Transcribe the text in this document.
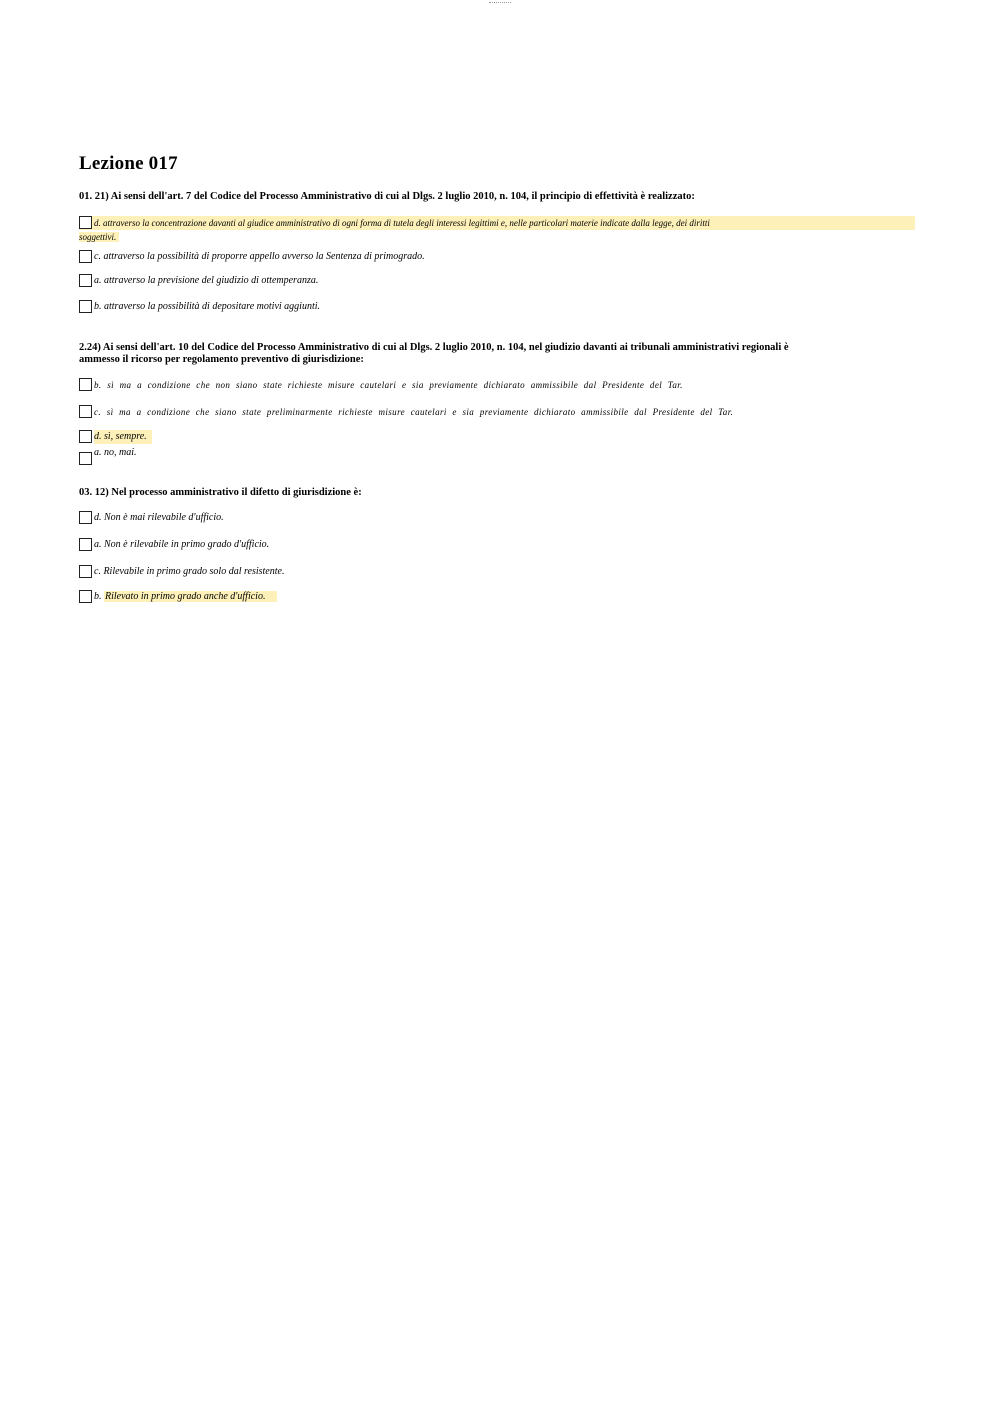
Lezione 017
01. 21) Ai sensi dell'art. 7 del Codice del Processo Amministrativo di cui al Dlgs. 2 luglio 2010, n. 104, il principio di effettività è realizzato:
d. attraverso la concentrazione davanti al giudice amministrativo di ogni forma di tutela degli interessi legittimi e, nelle particolari materie indicate dalla legge, dei diritti
soggettivi.
c. attraverso la possibilità di proporre appello avverso la Sentenza di primogrado.
a. attraverso la previsione del giudizio di ottemperanza.
b. attraverso la possibilità di depositare motivi aggiunti.
2.24) Ai sensi dell'art. 10 del Codice del Processo Amministrativo di cui al Dlgs. 2 luglio 2010, n. 104, nel giudizio davanti ai tribunali amministrativi regionali è
ammesso il ricorso per regolamento preventivo di giurisdizione:
b. sì ma a condizione che non siano state richieste misure cautelari e sia previamente dichiarato ammissibile dal Presidente del Tar.
c. sì ma a condizione che siano state preliminarmente richieste misure cautelari e sia previamente dichiarato ammissibile dal Presidente del Tar.
d. sì, sempre.
a. no, mai.
03. 12) Nel processo amministrativo il difetto di giurisdizione è:
d. Non è mai rilevabile d'ufficio.
a. Non è rilevabile in primo grado d'ufficio.
c. Rilevabile in primo grado solo dal resistente.
b. Rilevato in primo grado anche d'ufficio.
